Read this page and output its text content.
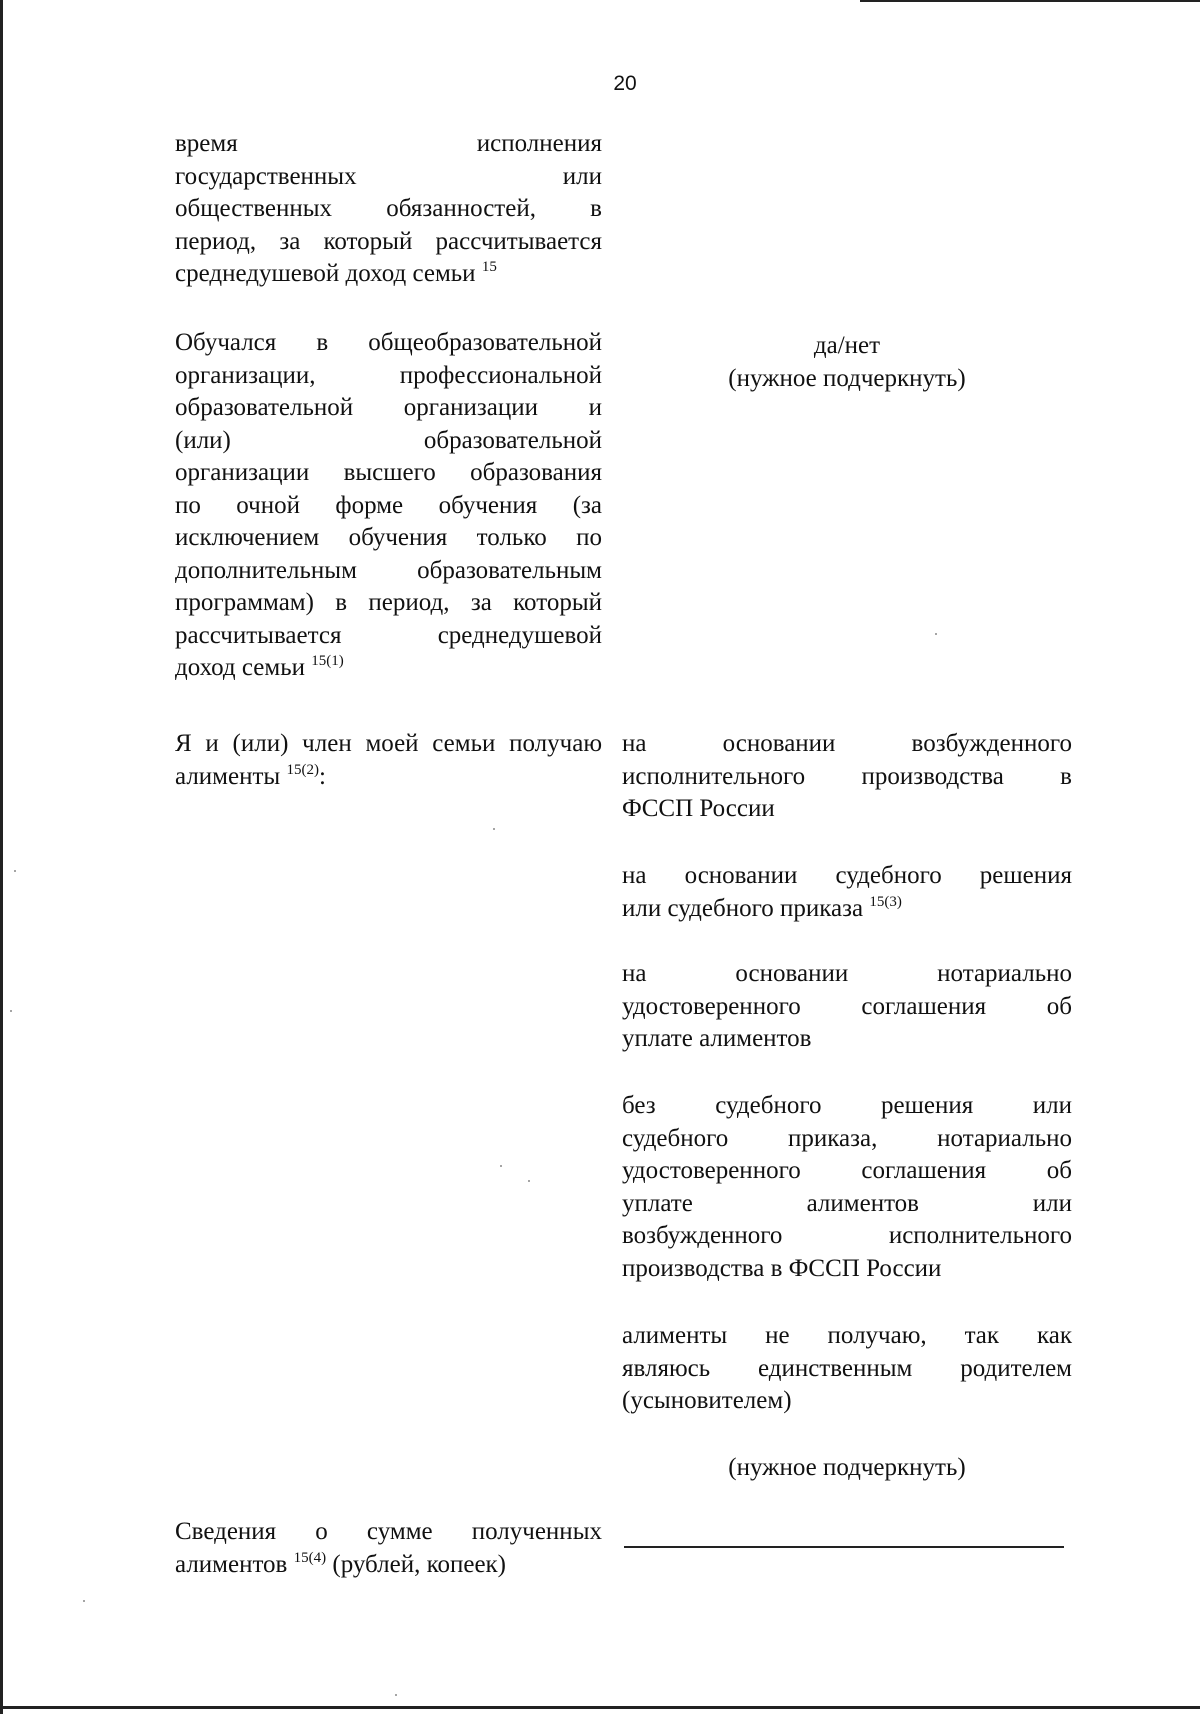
20
время исполнения
государственных или
общественных обязанностей, в
период, за который рассчитывается
среднедушевой доход семьи $^{15}$
Обучался в общеобразовательной
организации, профессиональной
образовательной организации и
(или) образовательной
организации высшего образования
по очной форме обучения (за
исключением обучения только по
дополнительным образовательным
программам) в период, за который
рассчитывается среднедушевой
доход семьи $^{15(1)}$
да/нет
(нужное подчеркнуть)
Я и (или) член моей семьи получаю
алименты $^{15(2)}$:
на основании возбужденного
исполнительного производства в
ФССП России
на основании судебного решения
или судебного приказа $^{15(3)}$
на основании нотариально
удостоверенного соглашения об
уплате алиментов
без судебного решения или
судебного приказа, нотариально
удостоверенного соглашения об
уплате алиментов или
возбужденного исполнительного
производства в ФССП России
алименты не получаю, так как
являюсь единственным родителем
(усыновителем)
(нужное подчеркнуть)
Сведения о сумме полученных
алиментов $^{15(4)}$ (рублей, копеек)
